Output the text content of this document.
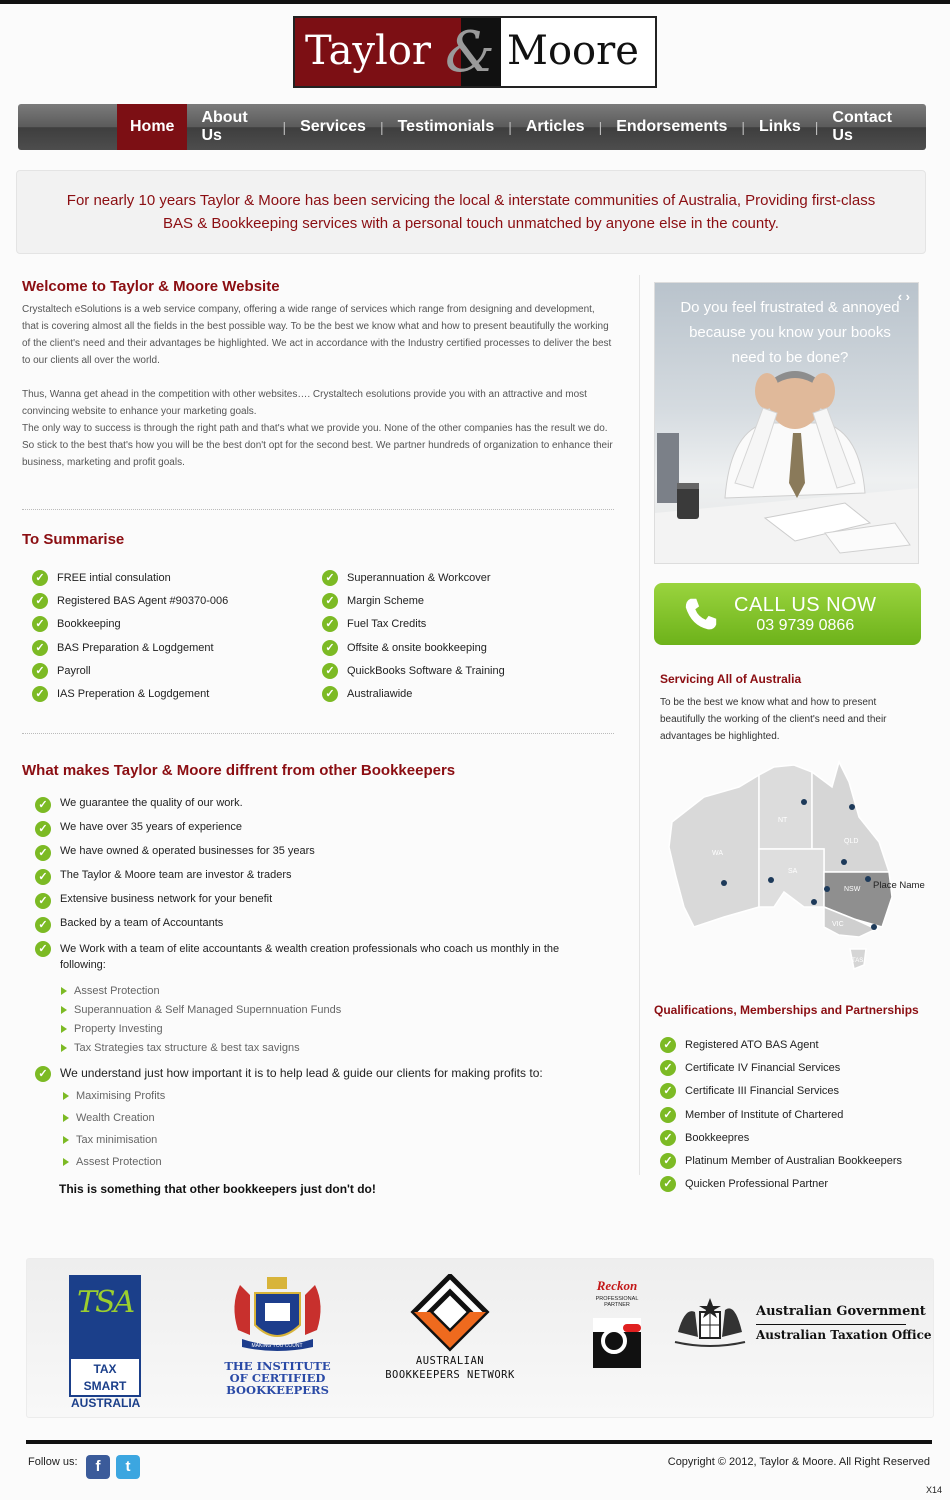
Taylor & Moore
Home
About Us	| Services	| Testimonials	| Articles	| Endorsements	| Links	|
Contact Us
For nearly 10 years Taylor & Moore has been servicing the local & interstate communities of Australia, Providing first-class
BAS & Bookkeeping services with a personal touch unmatched by anyone else in the county.
Welcome to Taylor & Moore Website

Crystaltech eSolutions is a web service company, offering a wide range of services which range from designing and development, that is covering almost all the fields in the best possible way. To be the best we know what and how to present beautifully the working of the client's need and their advantages be highlighted. We act in accordance with the Industry certified processes to deliver the best to our clients all over the world.

Thus, Wanna get ahead in the competition with other websites…. Crystaltech esolutions provide you with an attractive and most convincing website to enhance your marketing goals.

The only way to success is through the right path and that's what we provide you. None of the other companies has the result we do. So stick to the best that's how you will be the best don't opt for the second best. We partner hundreds of organization to enhance their business, marketing and profit goals.

To Summarise
✓	FREE intial consulation
✓	Registered BAS Agent #90370-006
✓	Bookkeeping
✓	BAS Preparation & Logdgement
✓	Payroll
✓	IAS Preperation & Logdgement
✓	Superannuation & Workcover
✓	Margin Scheme
✓	Fuel Tax Credits
✓	Offsite & onsite bookkeeping
✓	QuickBooks Software & Training
✓	Australiawide
What makes Taylor & Moore diffrent from other Bookkeepers
✓	We guarantee the quality of our work.
✓	We have over 35 years of experience
✓	We have owned & operated businesses for 35 years
✓	The Taylor & Moore team are investor & traders
✓	Extensive business network for your benefit
✓	Backed by a team of Accountants
✓	We Work with a team of elite accountants & wealth creation professionals who coach us monthly in the following:
Assest Protection
Superannuation & Self Managed Supernnuation Funds
Property Investing
Tax Strategies tax structure & best tax savigns
✓ We understand just how important it is to help lead & guide our clients for making profits to:
Maximising Profits
Wealth Creation
Tax minimisation
Assest Protection
This is something that other bookkeepers just don't do!
Do you feel frustrated & annoyed because you know your books need to be done?
‹ ›
CALL US NOW
03 9739 0866
Servicing All of Australia
To be the best we know what and how to present beautifully the working of the client's need and their advantages be highlighted.
WA
NT
QLD
SA
NSW
VIC
TAS
Place Name
Qualifications, Memberships and Partnerships
✓	Registered ATO BAS Agent
✓	Certificate IV Financial Services
✓	Certificate III Financial Services
✓	Member of Institute of Chartered
✓	Bookkeepres
✓	Platinum Member of Australian Bookkeepers
✓	Quicken Professional Partner
TSA
TAX SMART
AUSTRALIA
MAKING YOU COUNT
THE INSTITUTE
OF CERTIFIED
BOOKKEEPERS
AUSTRALIAN
BOOKKEEPERS NETWORK
Reckon
PROFESSIONAL
PARTNER	Australian Government
Australian Taxation Office
Follow us:	f	t	Copyright © 2012, Taylor & Moore. All Right Reserved
X14
